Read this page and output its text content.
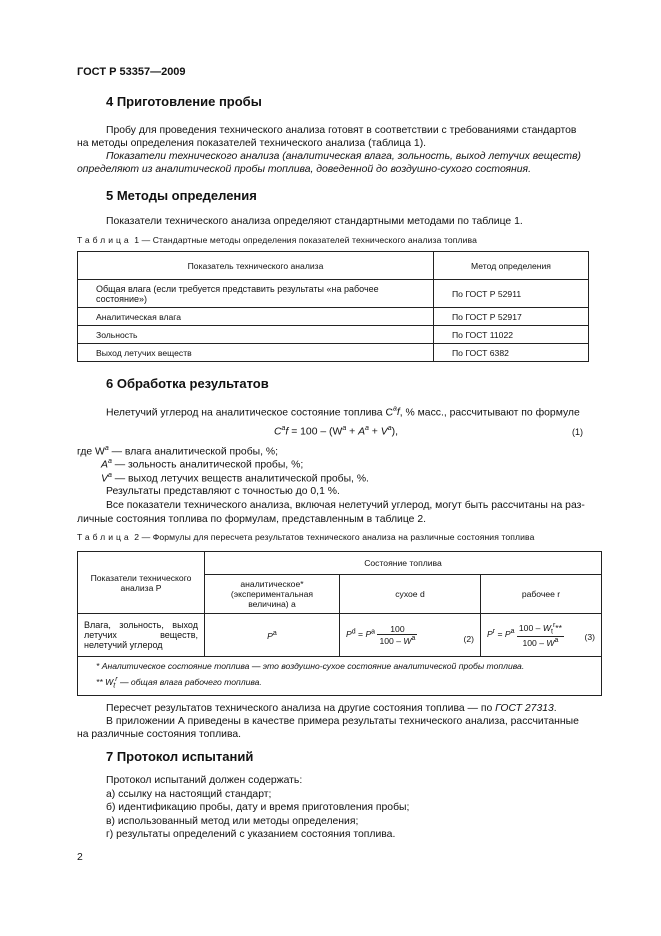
ГОСТ Р 53357—2009
4 Приготовление пробы
Пробу для проведения технического анализа готовят в соответствии с требованиями стандартов
на методы определения показателей технического анализа (таблица 1).
Показатели технического анализа (аналитическая влага, зольность, выход летучих веществ)
определяют из аналитической пробы топлива, доведенной до воздушно-сухого состояния.
5 Методы определения
Показатели технического анализа определяют стандартными методами по таблице 1.
Таблица 1 — Стандартные методы определения показателей технического анализа топлива
Показатель технического анализа	Метод определения
Общая влага (если требуется представить результаты «на рабочее состояние»)	По ГОСТ Р 52911
Аналитическая влага	По ГОСТ Р 52917
Зольность	По ГОСТ 11022
Выход летучих веществ	По ГОСТ 6382
6 Обработка результатов
Нелетучий углерод на аналитическое состояние топлива $C^af$, % масс., рассчитывают по формуле
$C^af = 100 - (W^a + A^a + V^a)$,	(1)
где $W^a$ — влага аналитической пробы, %;
$A^a$ — зольность аналитической пробы, %;
$V^a$ — выход летучих веществ аналитической пробы, %.
Результаты представляют с точностью до 0,1 %.
Все показатели технического анализа, включая нелетучий углерод, могут быть рассчитаны на раз-
личные состояния топлива по формулам, представленным в таблице 2.
Таблица 2 — Формулы для пересчета результатов технического анализа на различные состояния топлива
Показатели технического анализа P	Состояние топлива		
	аналитическое* (экспериментальная величина) a	сухое d	рабочее r
Влага, зольность, выход летучих веществ, нелетучий углерод	$P^a$	$P^d = P^a \frac{100}{100 - W^a} (2)$	$P^r = P^a \frac{100 - W_t^r**}{100 - W^a} (3)$

* Аналитическое состояние топлива — это воздушно-сухое состояние аналитической пробы топлива.
** $W_t^r$ — общая влага рабочего топлива.			
Пересчет результатов технического анализа на другие состояния топлива — по ГОСТ 27313.
В приложении А приведены в качестве примера результаты технического анализа, рассчитанные
на различные состояния топлива.
7 Протокол испытаний
Протокол испытаний должен содержать:
а) ссылку на настоящий стандарт;
б) идентификацию пробы, дату и время приготовления пробы;
в) использованный метод или методы определения;
г) результаты определений с указанием состояния топлива.
2
